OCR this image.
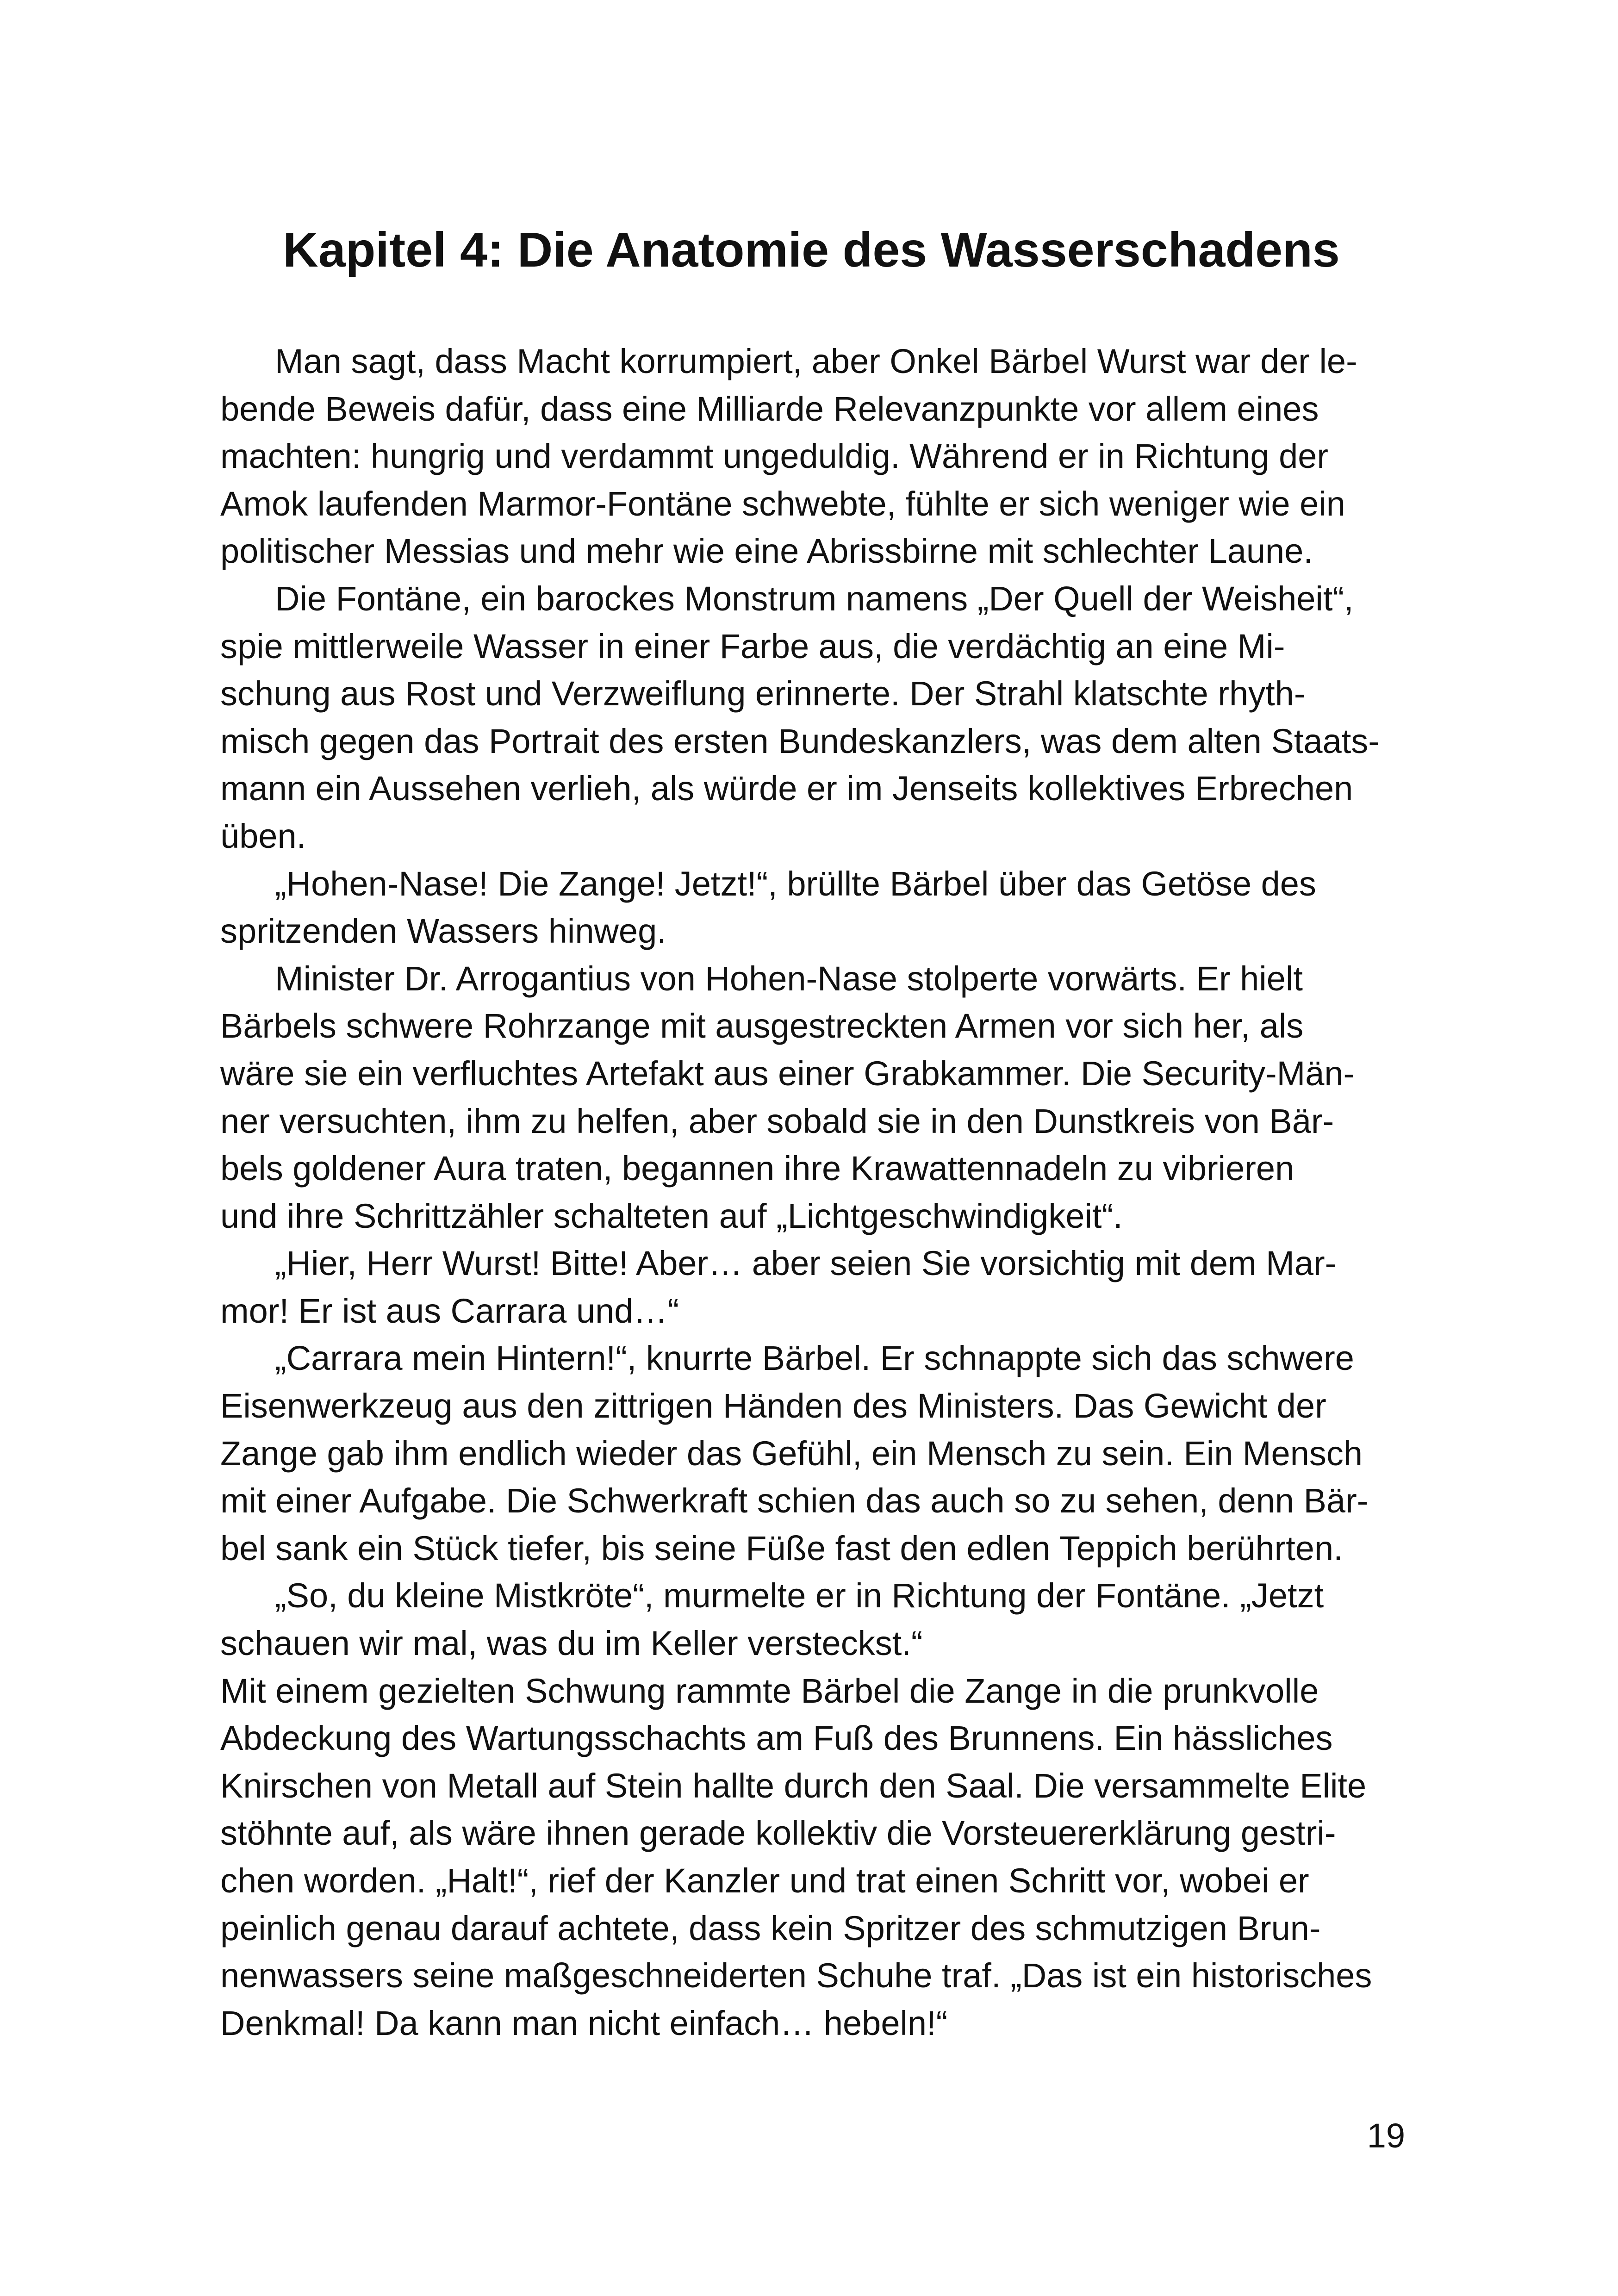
Kapitel 4: Die Anatomie des Wasserschadens
Man sagt, dass Macht korrumpiert, aber Onkel Bärbel Wurst war der le-
bende Beweis dafür, dass eine Milliarde Relevanzpunkte vor allem eines
machten: hungrig und verdammt ungeduldig. Während er in Richtung der
Amok laufenden Marmor-Fontäne schwebte, fühlte er sich weniger wie ein
politischer Messias und mehr wie eine Abrissbirne mit schlechter Laune.
Die Fontäne, ein barockes Monstrum namens „Der Quell der Weisheit“,
spie mittlerweile Wasser in einer Farbe aus, die verdächtig an eine Mi-
schung aus Rost und Verzweiflung erinnerte. Der Strahl klatschte rhyth-
misch gegen das Portrait des ersten Bundeskanzlers, was dem alten Staats-
mann ein Aussehen verlieh, als würde er im Jenseits kollektives Erbrechen
üben.
„Hohen-Nase! Die Zange! Jetzt!“, brüllte Bärbel über das Getöse des
spritzenden Wassers hinweg.
Minister Dr. Arrogantius von Hohen-Nase stolperte vorwärts. Er hielt
Bärbels schwere Rohrzange mit ausgestreckten Armen vor sich her, als
wäre sie ein verfluchtes Artefakt aus einer Grabkammer. Die Security-Män-
ner versuchten, ihm zu helfen, aber sobald sie in den Dunstkreis von Bär-
bels goldener Aura traten, begannen ihre Krawattennadeln zu vibrieren
und ihre Schrittzähler schalteten auf „Lichtgeschwindigkeit“.
„Hier, Herr Wurst! Bitte! Aber… aber seien Sie vorsichtig mit dem Mar-
mor! Er ist aus Carrara und…“
„Carrara mein Hintern!“, knurrte Bärbel. Er schnappte sich das schwere
Eisenwerkzeug aus den zittrigen Händen des Ministers. Das Gewicht der
Zange gab ihm endlich wieder das Gefühl, ein Mensch zu sein. Ein Mensch
mit einer Aufgabe. Die Schwerkraft schien das auch so zu sehen, denn Bär-
bel sank ein Stück tiefer, bis seine Füße fast den edlen Teppich berührten.
„So, du kleine Mistkröte“, murmelte er in Richtung der Fontäne. „Jetzt
schauen wir mal, was du im Keller versteckst.“
Mit einem gezielten Schwung rammte Bärbel die Zange in die prunkvolle
Abdeckung des Wartungsschachts am Fuß des Brunnens. Ein hässliches
Knirschen von Metall auf Stein hallte durch den Saal. Die versammelte Elite
stöhnte auf, als wäre ihnen gerade kollektiv die Vorsteuererklärung gestri-
chen worden. „Halt!“, rief der Kanzler und trat einen Schritt vor, wobei er
peinlich genau darauf achtete, dass kein Spritzer des schmutzigen Brun-
nenwassers seine maßgeschneiderten Schuhe traf. „Das ist ein historisches
Denkmal! Da kann man nicht einfach… hebeln!“
19
